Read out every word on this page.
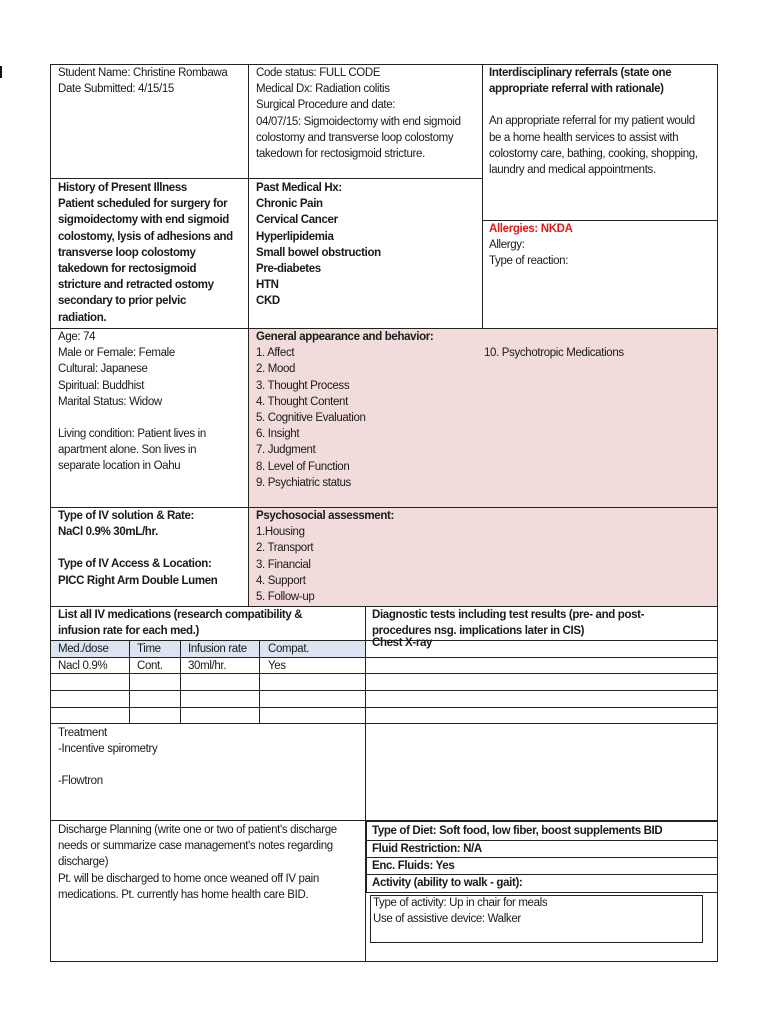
Student Name: Christine Rombawa
Date Submitted: 4/15/15
Code status: FULL CODE
Medical Dx: Radiation colitis
Surgical Procedure and date:
04/07/15: Sigmoidectomy with end sigmoid
colostomy and transverse loop colostomy
takedown for rectosigmoid stricture.
Interdisciplinary referrals (state one
appropriate referral with rationale)
An appropriate referral for my patient would
be a home health services to assist with
colostomy care, bathing, cooking, shopping,
laundry and medical appointments.
History of Present Illness
Patient scheduled for surgery for
sigmoidectomy with end sigmoid
colostomy, lysis of adhesions and
transverse loop colostomy
takedown for rectosigmoid
stricture and retracted ostomy
secondary to prior pelvic
radiation.
Past Medical Hx:
Chronic Pain
Cervical Cancer
Hyperlipidemia
Small bowel obstruction
Pre-diabetes
HTN
CKD
Allergies: NKDA
Allergy:
Type of reaction:
Age: 74
Male or Female: Female
Cultural: Japanese
Spiritual: Buddhist
Marital Status: Widow
Living condition: Patient lives in
apartment alone. Son lives in
separate location in Oahu
General appearance and behavior:
1. Affect
2. Mood
3. Thought Process
4. Thought Content
5. Cognitive Evaluation
6. Insight
7. Judgment
8. Level of Function
9. Psychiatric status
10. Psychotropic Medications
Type of IV solution & Rate:
NaCl 0.9% 30mL/hr.
Type of IV Access & Location:
PICC Right Arm Double Lumen
Psychosocial assessment:
1.Housing
2. Transport
3. Financial
4. Support
5. Follow-up
List all IV medications (research compatibility &
infusion rate for each med.)
Diagnostic tests including test results (pre- and post-
procedures nsg. implications later in CIS)
Chest X-ray
Med./dose	Time	Infusion rate	Compat.
Nacl 0.9%	Cont.	30ml/hr.	Yes
Treatment
-Incentive spirometry
-Flowtron
Discharge Planning (write one or two of patient's discharge
needs or summarize case management's notes regarding
discharge)
Pt. will be discharged to home once weaned off IV pain
medications. Pt. currently has home health care BID.
Type of Diet: Soft food, low fiber, boost supplements BID
Fluid Restriction: N/A
Enc. Fluids: Yes
Activity (ability to walk - gait):
Type of activity: Up in chair for meals
Use of assistive device: Walker
